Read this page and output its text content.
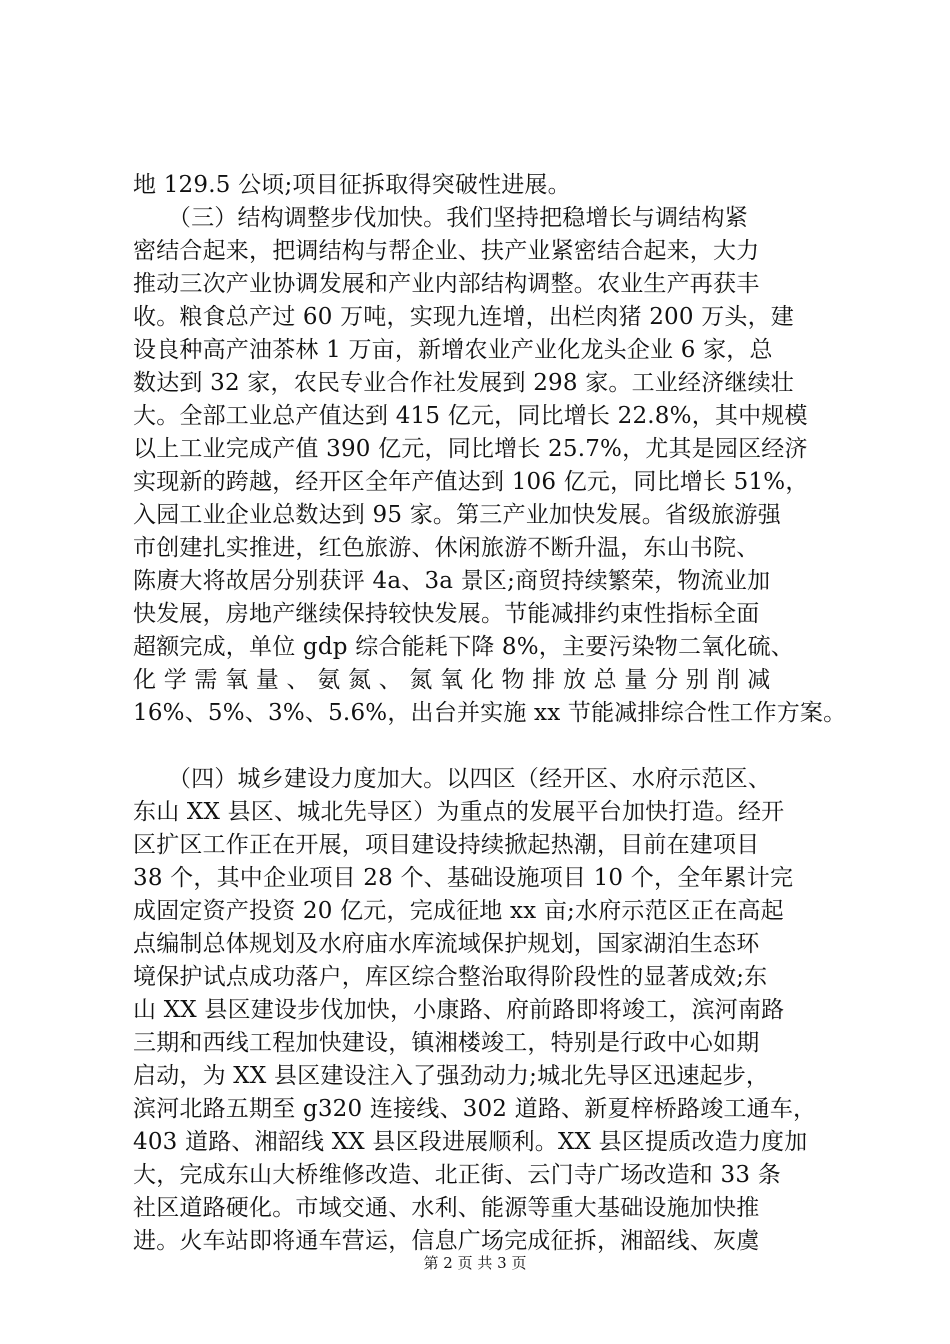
地 129.5 公顷;项目征拆取得突破性进展。
　　（三）结构调整步伐加快。我们坚持把稳增长与调结构紧
密结合起来，把调结构与帮企业、扶产业紧密结合起来，大力
推动三次产业协调发展和产业内部结构调整。农业生产再获丰
收。粮食总产过 60 万吨，实现九连增，出栏肉猪 200 万头，建
设良种高产油茶林 1 万亩，新增农业产业化龙头企业 6 家，总
数达到 32 家，农民专业合作社发展到 298 家。工业经济继续壮
大。全部工业总产值达到 415 亿元，同比增长 22.8%，其中规模
以上工业完成产值 390 亿元，同比增长 25.7%，尤其是园区经济
实现新的跨越，经开区全年产值达到 106 亿元，同比增长 51%，
入园工业企业总数达到 95 家。第三产业加快发展。省级旅游强
市创建扎实推进，红色旅游、休闲旅游不断升温，东山书院、
陈赓大将故居分别获评 4a、3a 景区;商贸持续繁荣，物流业加
快发展，房地产继续保持较快发展。节能减排约束性指标全面
超额完成，单位 gdp 综合能耗下降 8%，主要污染物二氧化硫、
化 学 需 氧 量 、 氨 氮 、 氮 氧 化 物 排 放 总 量 分 别 削 减
16%、5%、3%、5.6%，出台并实施 xx 节能减排综合性工作方案。
　　（四）城乡建设力度加大。以四区（经开区、水府示范区、
东山 XX 县区、城北先导区）为重点的发展平台加快打造。经开
区扩区工作正在开展，项目建设持续掀起热潮，目前在建项目
38 个，其中企业项目 28 个、基础设施项目 10 个，全年累计完
成固定资产投资 20 亿元，完成征地 xx 亩;水府示范区正在高起
点编制总体规划及水府庙水库流域保护规划，国家湖泊生态环
境保护试点成功落户，库区综合整治取得阶段性的显著成效;东
山 XX 县区建设步伐加快，小康路、府前路即将竣工，滨河南路
三期和西线工程加快建设，镇湘楼竣工，特别是行政中心如期
启动，为 XX 县区建设注入了强劲动力;城北先导区迅速起步，
滨河北路五期至 g320 连接线、302 道路、新夏梓桥路竣工通车，
403 道路、湘韶线 XX 县区段进展顺利。XX 县区提质改造力度加
大，完成东山大桥维修改造、北正街、云门寺广场改造和 33 条
社区道路硬化。市域交通、水利、能源等重大基础设施加快推
进。火车站即将通车营运，信息广场完成征拆，湘韶线、灰虞
第 2 页 共 3 页
